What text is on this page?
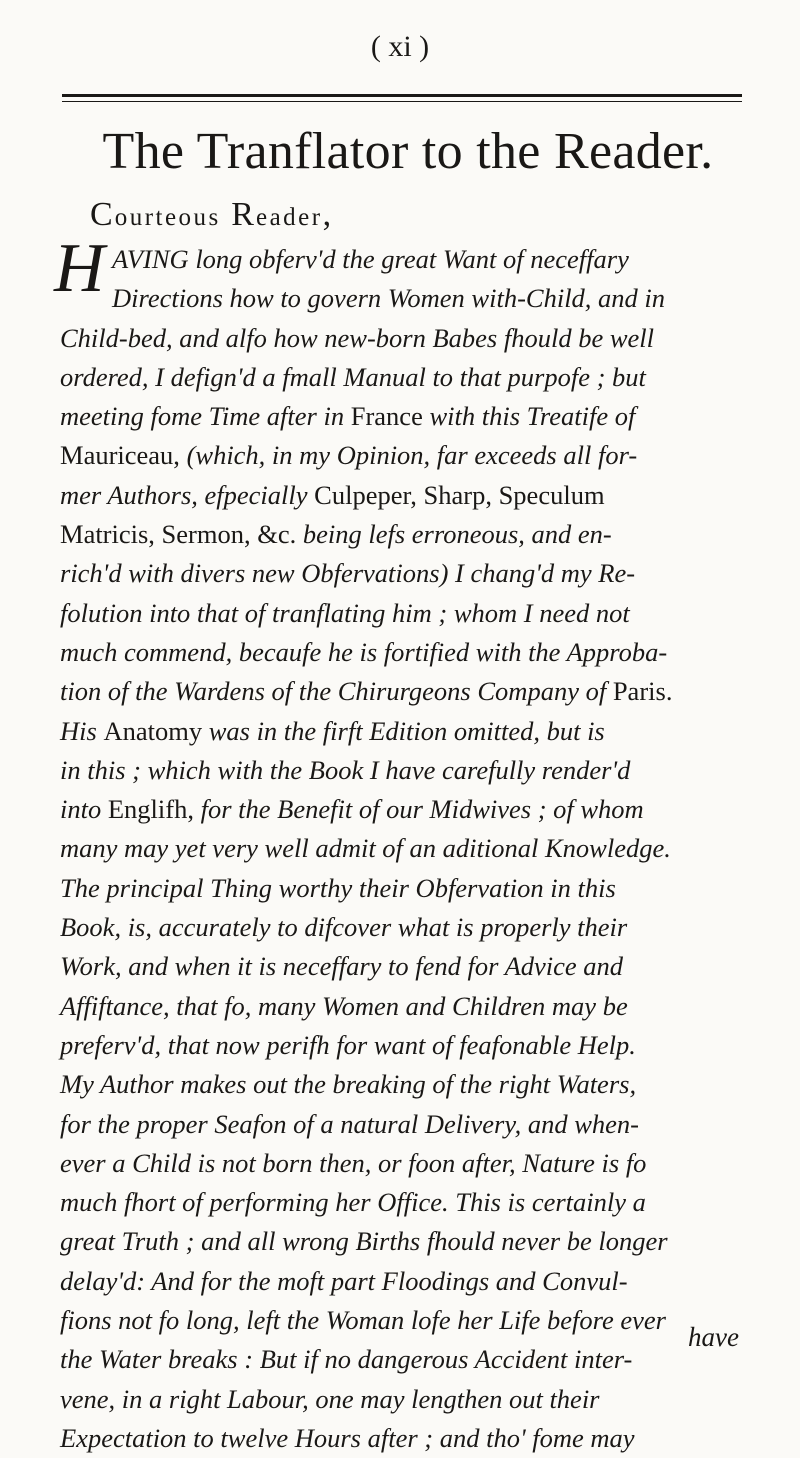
( xi )
The Tranflator to the Reader.
Courteous Reader,
H AVING long obferv'd the great Want of neceffary
Directions how to govern Women with-Child, and in
Child-bed, and alfo how new-born Babes fhould be well
ordered, I defign'd a fmall Manual to that purpofe ; but
meeting fome Time after in France with this Treatife of
Mauriceau, (which, in my Opinion, far exceeds all for-
mer Authors, efpecially Culpeper, Sharp, Speculum
Matricis, Sermon, &c. being lefs erroneous, and en-
rich'd with divers new Obfervations) I chang'd my Re-
folution into that of tranflating him ; whom I need not
much commend, becaufe he is fortified with the Approba-
tion of the Wardens of the Chirurgeons Company of Paris.
His Anatomy was in the firft Edition omitted, but is
in this ; which with the Book I have carefully render'd
into Englifh, for the Benefit of our Midwives ; of whom
many may yet very well admit of an aditional Knowledge.
The principal Thing worthy their Obfervation in this
Book, is, accurately to difcover what is properly their
Work, and when it is neceffary to fend for Advice and
Affiftance, that fo, many Women and Children may be
preferv'd, that now perifh for want of feafonable Help.
My Author makes out the breaking of the right Waters,
for the proper Seafon of a natural Delivery, and when-
ever a Child is not born then, or foon after, Nature is fo
much fhort of performing her Office. This is certainly a
great Truth ; and all wrong Births fhould never be longer
delay'd: And for the moft part Floodings and Convul-
fions not fo long, left the Woman lofe her Life before ever
the Water breaks : But if no dangerous Accident inter-
vene, in a right Labour, one may lengthen out their
Expectation to twelve Hours after ; and tho' fome may
have
